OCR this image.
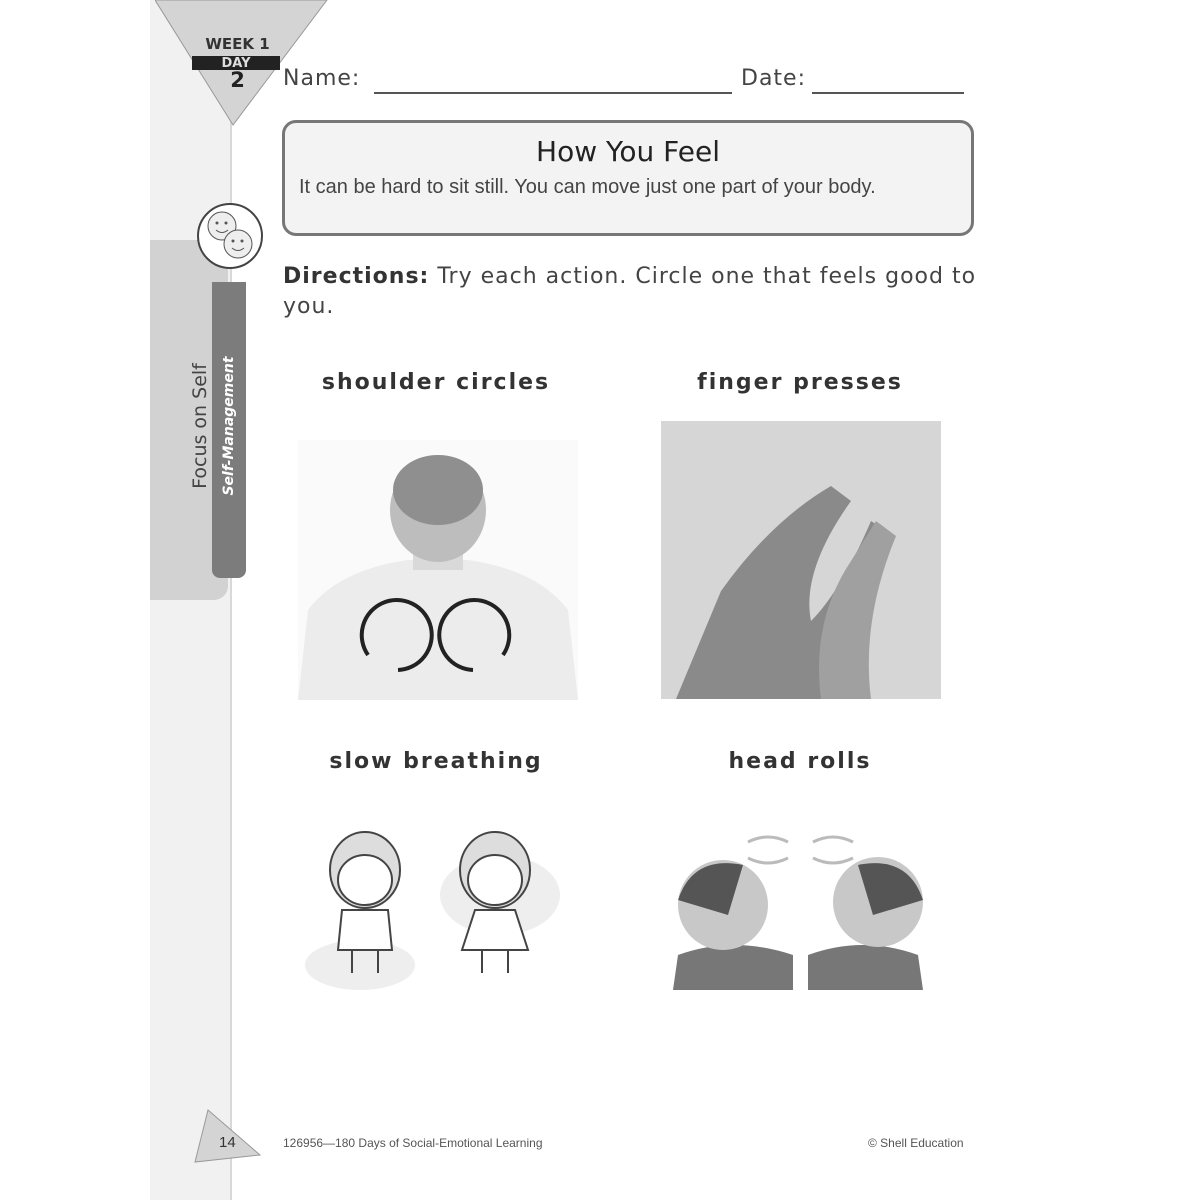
Focus on Self Self-Management
WEEK 1
DAY
2	Name:	Date:
How You Feel
It can be hard to sit still. You can move just one part of your body.
Directions: Try each action. Circle one that feels good to you.
shoulder circles	finger presses
slow breathing	head rolls
14	126956—180 Days of Social-Emotional Learning	© Shell Education
